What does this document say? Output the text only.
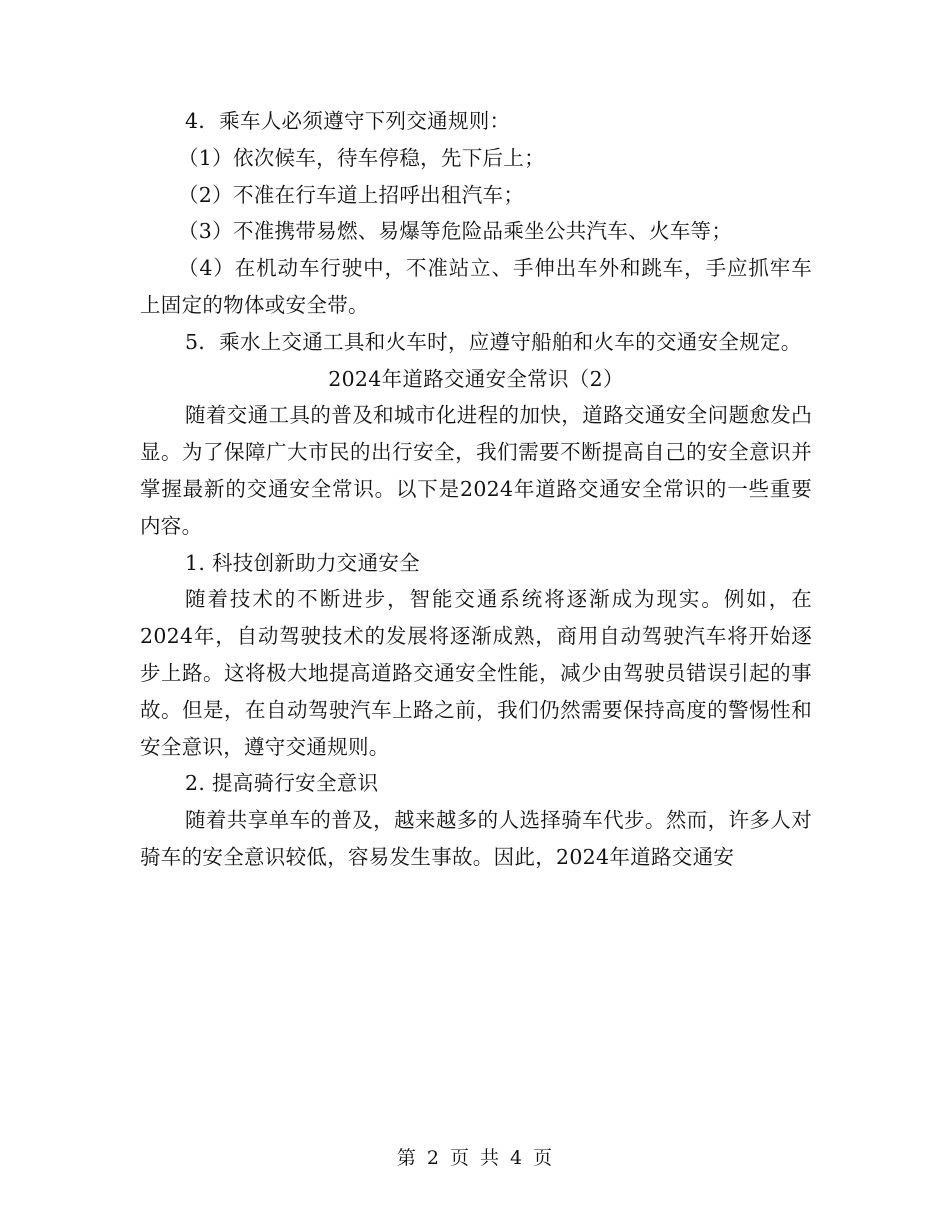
4．乘车人必须遵守下列交通规则：

（1）依次候车，待车停稳，先下后上；

（2）不准在行车道上招呼出租汽车；

（3）不准携带易燃、易爆等危险品乘坐公共汽车、火车等；

（4）在机动车行驶中，不准站立、手伸出车外和跳车，手应抓牢车上固定的物体或安全带。

5．乘水上交通工具和火车时，应遵守船舶和火车的交通安全规定。

2024年道路交通安全常识（2）

随着交通工具的普及和城市化进程的加快，道路交通安全问题愈发凸显。为了保障广大市民的出行安全，我们需要不断提高自己的安全意识并掌握最新的交通安全常识。以下是2024年道路交通安全常识的一些重要内容。

1. 科技创新助力交通安全

随着技术的不断进步，智能交通系统将逐渐成为现实。例如，在2024年，自动驾驶技术的发展将逐渐成熟，商用自动驾驶汽车将开始逐步上路。这将极大地提高道路交通安全性能，减少由驾驶员错误引起的事故。但是，在自动驾驶汽车上路之前，我们仍然需要保持高度的警惕性和安全意识，遵守交通规则。

2. 提高骑行安全意识

随着共享单车的普及，越来越多的人选择骑车代步。然而，许多人对骑车的安全意识较低，容易发生事故。因此，2024年道路交通安

第 2 页 共 4 页
